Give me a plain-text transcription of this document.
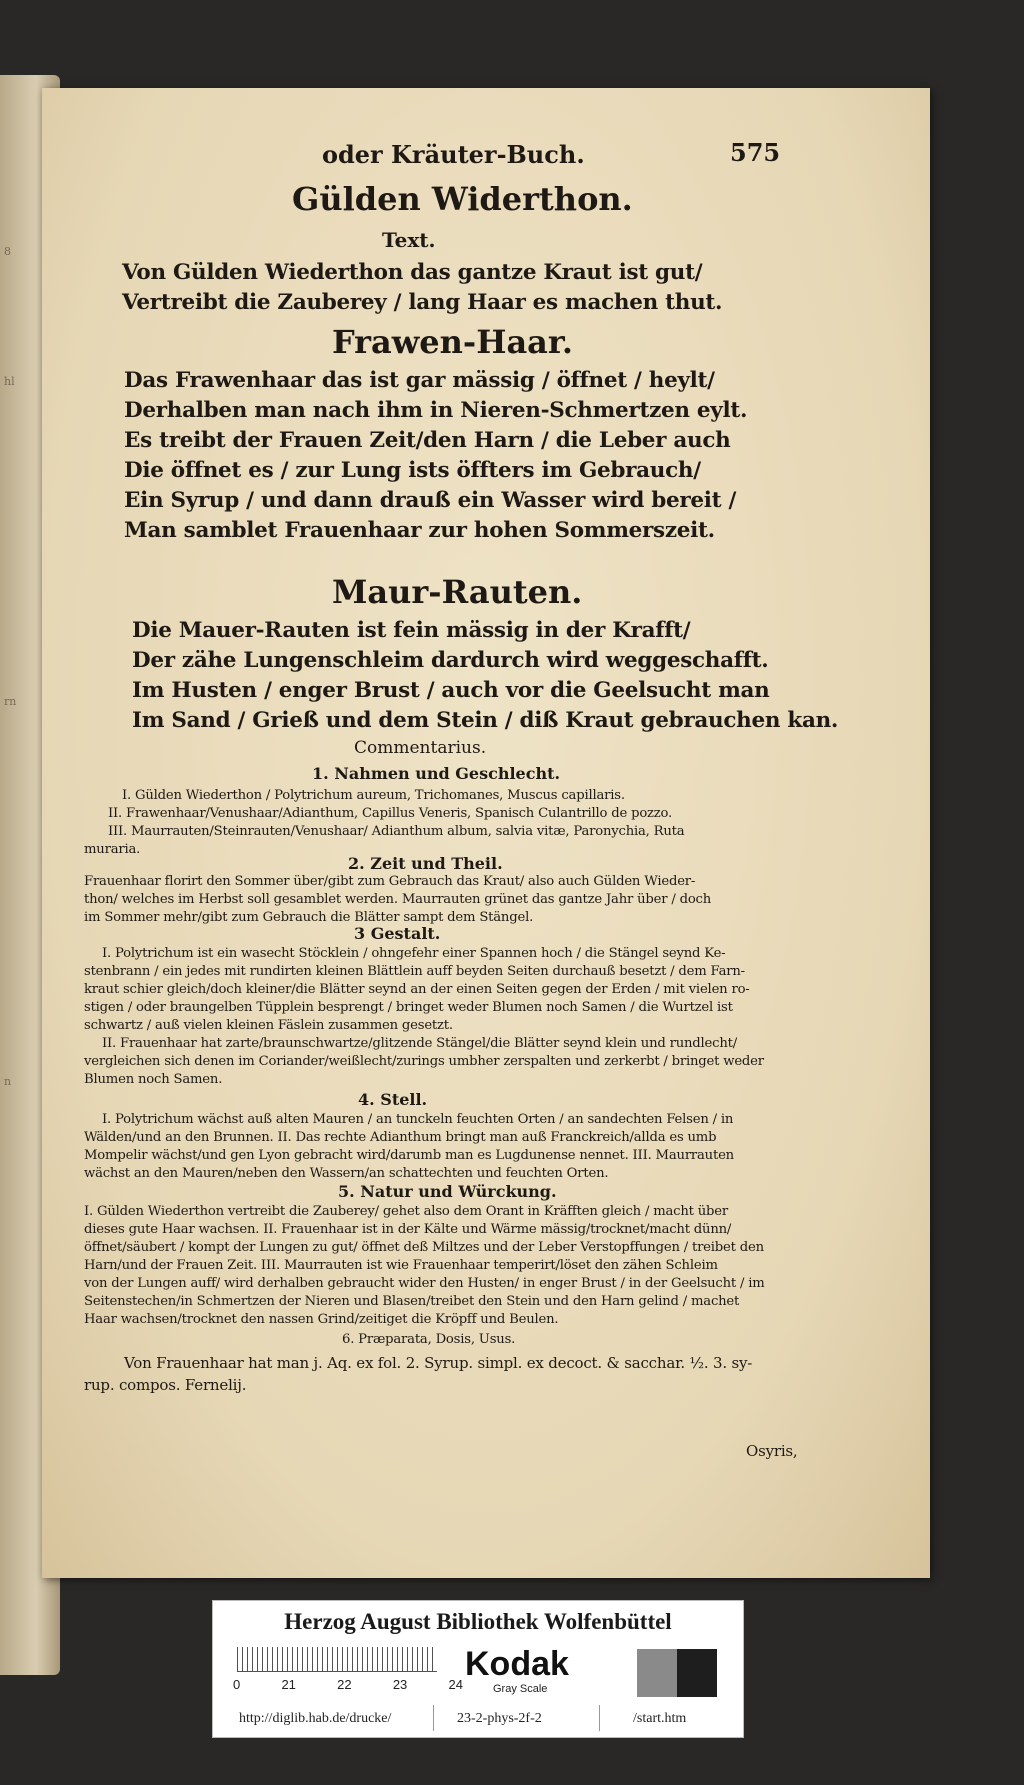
8
hl
rn
n
oder Kräuter-Buch.	575
Gülden Widerthon.
Text.
Von Gülden Wiederthon das gantze Kraut ist gut/
Vertreibt die Zauberey / lang Haar es machen thut.
Frawen-Haar.
Das Frawenhaar das ist gar mässig / öffnet / heylt/
Derhalben man nach ihm in Nieren-Schmertzen eylt.
Es treibt der Frauen Zeit/den Harn / die Leber auch
Die öffnet es / zur Lung ists öffters im Gebrauch/
Ein Syrup / und dann drauß ein Wasser wird bereit /
Man samblet Frauenhaar zur hohen Sommerszeit.
Maur-Rauten.
Die Mauer-Rauten ist fein mässig in der Krafft/
Der zähe Lungenschleim dardurch wird weggeschafft.
Im Husten / enger Brust / auch vor die Geelsucht man
Im Sand / Grieß und dem Stein / diß Kraut gebrauchen kan.
Commentarius.
1. Nahmen und Geschlecht.
I. Gülden Wiederthon / Polytrichum aureum, Trichomanes, Muscus capillaris.
II. Frawenhaar/Venushaar/Adianthum, Capillus Veneris, Spanisch Culantrillo de pozzo.
III. Maurrauten/Steinrauten/Venushaar/ Adianthum album, salvia vitæ, Paronychia, Ruta
muraria.
2. Zeit und Theil.
Frauenhaar florirt den Sommer über/gibt zum Gebrauch das Kraut/ also auch Gülden Wieder-
thon/ welches im Herbst soll gesamblet werden. Maurrauten grünet das gantze Jahr über / doch
im Sommer mehr/gibt zum Gebrauch die Blätter sampt dem Stängel.
3 Gestalt.
I. Polytrichum ist ein wasecht Stöcklein / ohngefehr einer Spannen hoch / die Stängel seynd Ke-
stenbrann / ein jedes mit rundirten kleinen Blättlein auff beyden Seiten durchauß besetzt / dem Farn-
kraut schier gleich/doch kleiner/die Blätter seynd an der einen Seiten gegen der Erden / mit vielen ro-
stigen / oder braungelben Tüpplein besprengt / bringet weder Blumen noch Samen / die Wurtzel ist
schwartz / auß vielen kleinen Fäslein zusammen gesetzt.
II. Frauenhaar hat zarte/braunschwartze/glitzende Stängel/die Blätter seynd klein und rundlecht/
vergleichen sich denen im Coriander/weißlecht/zurings umbher zerspalten und zerkerbt / bringet weder
Blumen noch Samen.
4. Stell.
I. Polytrichum wächst auß alten Mauren / an tunckeln feuchten Orten / an sandechten Felsen / in
Wälden/und an den Brunnen. II. Das rechte Adianthum bringt man auß Franckreich/allda es umb
Mompelir wächst/und gen Lyon gebracht wird/darumb man es Lugdunense nennet. III. Maurrauten
wächst an den Mauren/neben den Wassern/an schattechten und feuchten Orten.
5. Natur und Würckung.
I. Gülden Wiederthon vertreibt die Zauberey/ gehet also dem Orant in Kräfften gleich / macht über
dieses gute Haar wachsen. II. Frauenhaar ist in der Kälte und Wärme mässig/trocknet/macht dünn/
öffnet/säubert / kompt der Lungen zu gut/ öffnet deß Miltzes und der Leber Verstopffungen / treibet den
Harn/und der Frauen Zeit. III. Maurrauten ist wie Frauenhaar temperirt/löset den zähen Schleim
von der Lungen auff/ wird derhalben gebraucht wider den Husten/ in enger Brust / in der Geelsucht / im
Seitenstechen/in Schmertzen der Nieren und Blasen/treibet den Stein und den Harn gelind / machet
Haar wachsen/trocknet den nassen Grind/zeitiget die Kröpff und Beulen.
6. Præparata, Dosis, Usus.
Von Frauenhaar hat man j. Aq. ex fol. 2. Syrup. simpl. ex decoct. & sacchar. ½. 3. sy-
rup. compos. Fernelij.
Osyris,
Herzog August Bibliothek Wolfenbüttel
0	21	22	23	24
Kodak
Gray Scale
http://diglib.hab.de/drucke/	23-2-phys-2f-2	/start.htm
